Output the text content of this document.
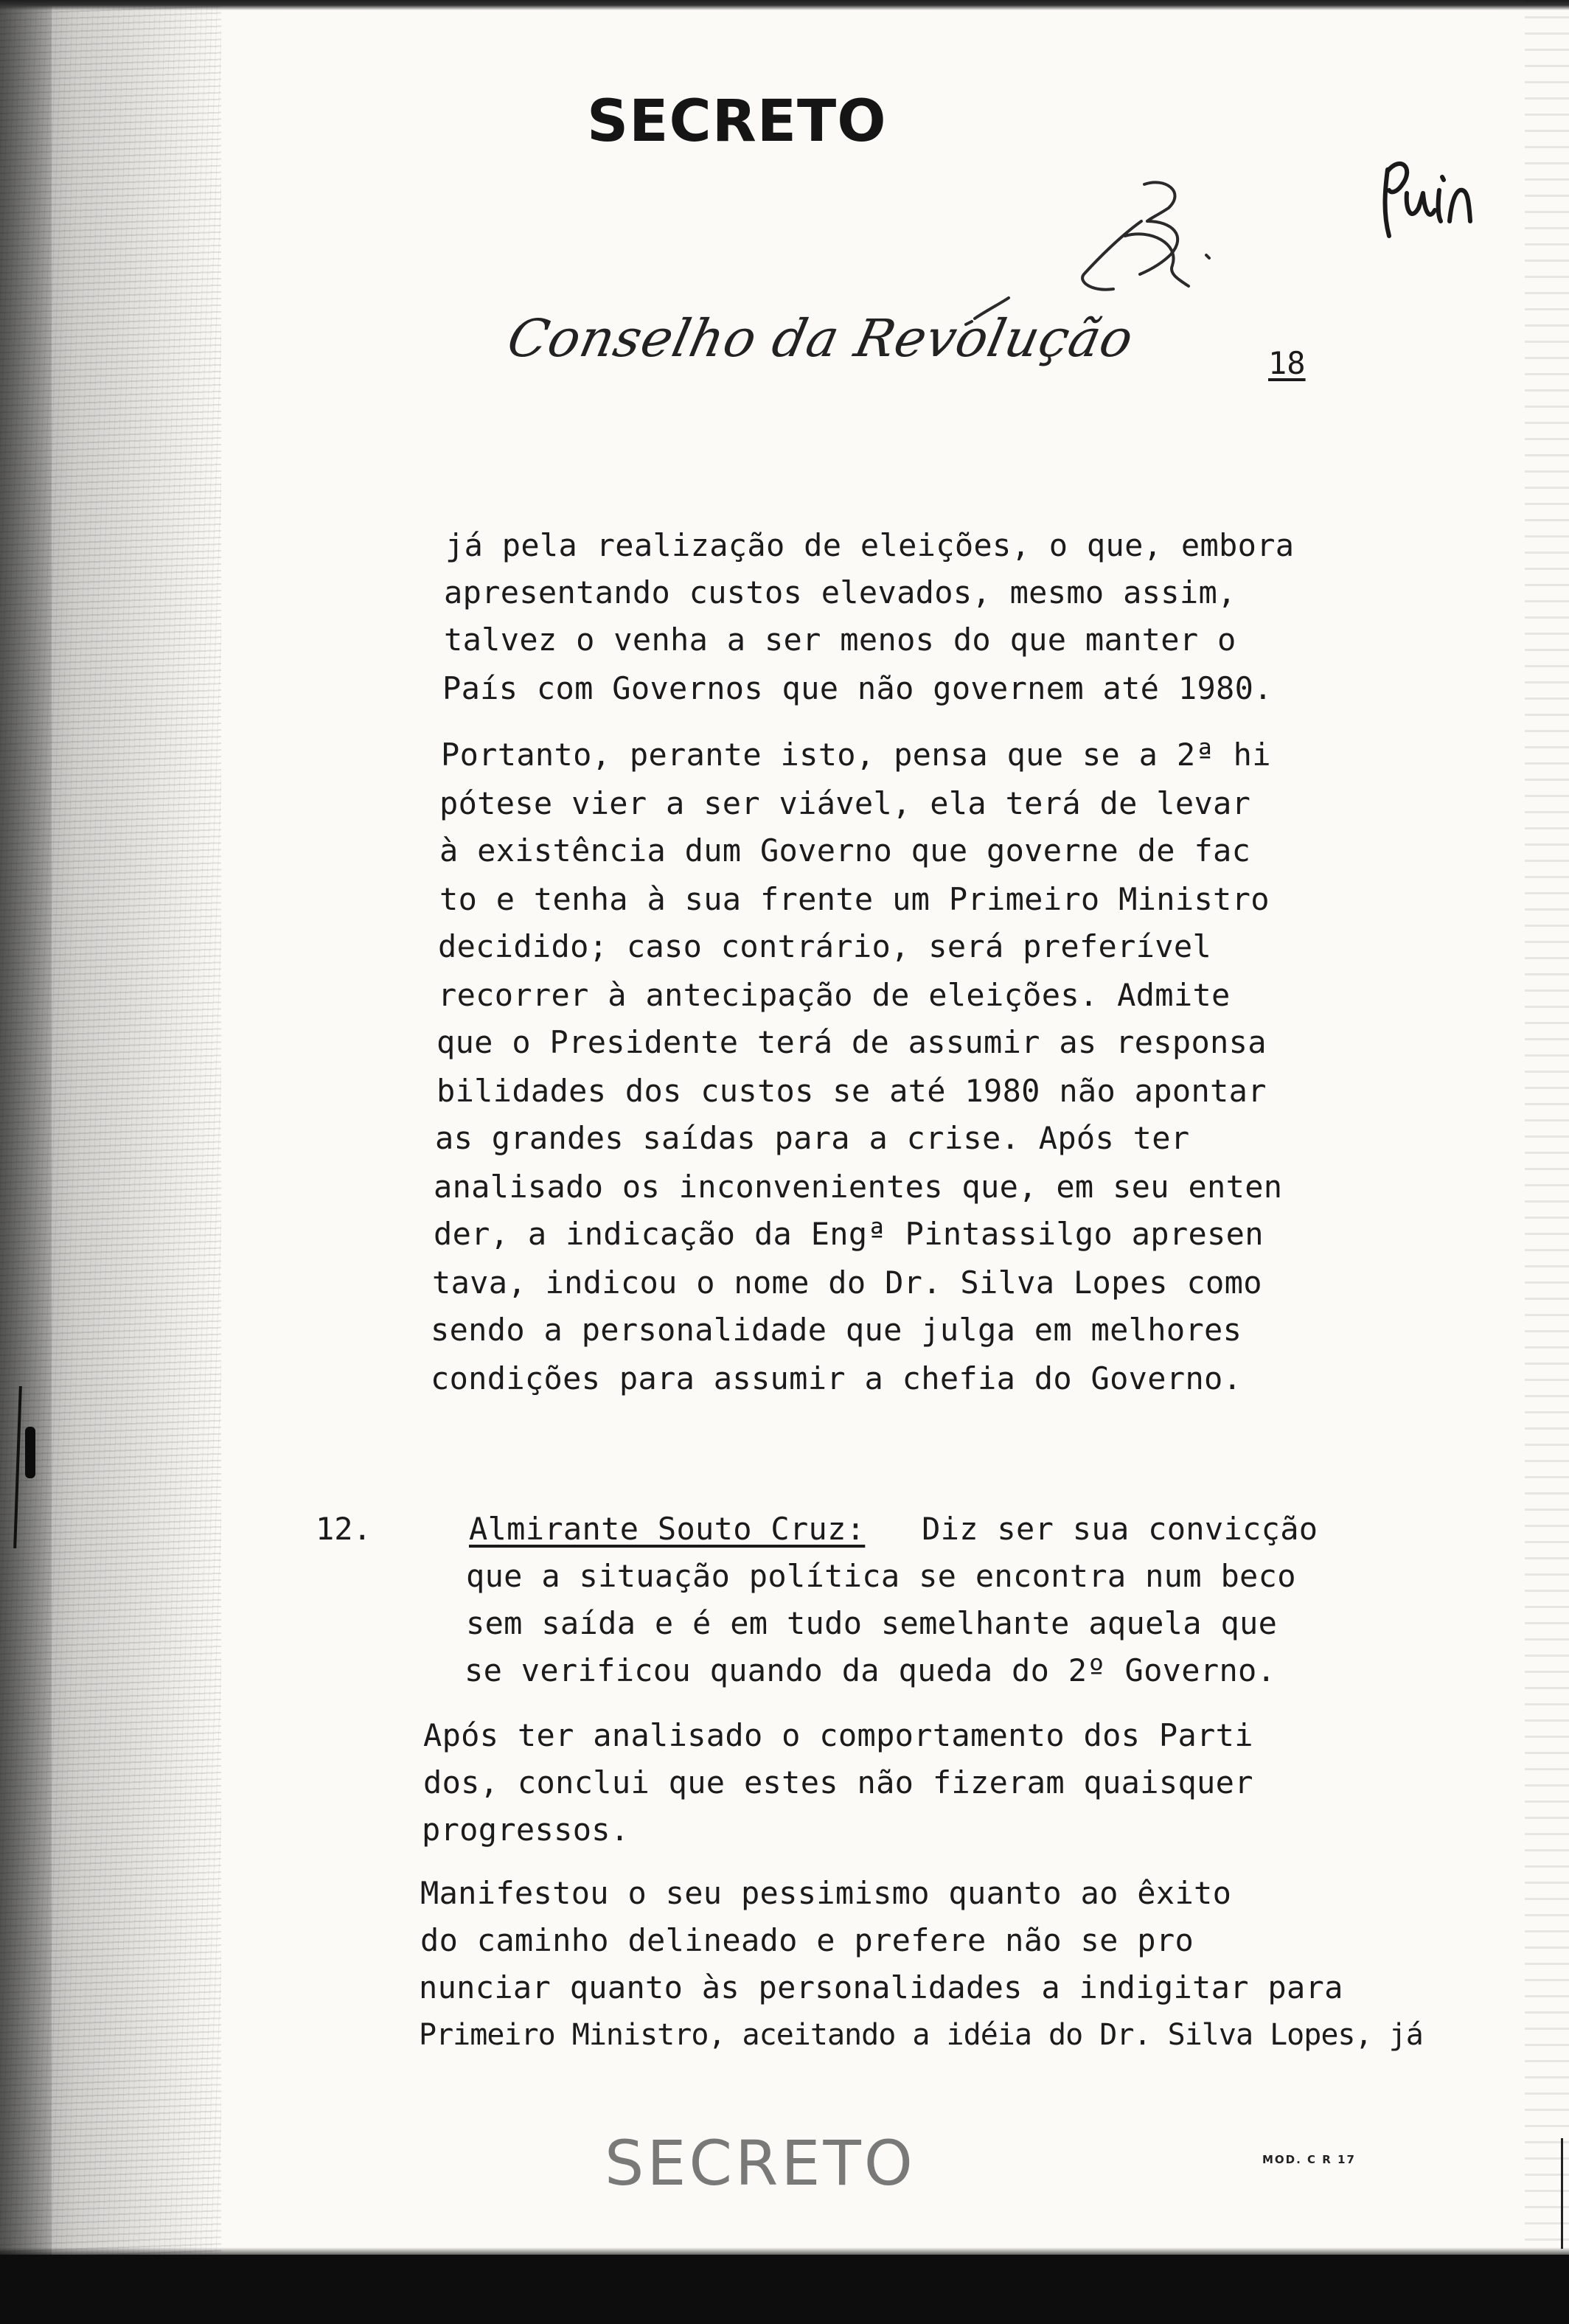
SECRETO
Conselho da Revolução	18
já pela realização de eleições, o que, embora
apresentando custos elevados, mesmo assim,
talvez o venha a ser menos do que manter o
País com Governos que não governem até 1980.
Portanto, perante isto, pensa que se a 2ª hi
pótese vier a ser viável, ela terá de levar
à existência dum Governo que governe de fac
to e tenha à sua frente um Primeiro Ministro
decidido; caso contrário, será preferível
recorrer à antecipação de eleições. Admite
que o Presidente terá de assumir as responsa
bilidades dos custos se até 1980 não apontar
as grandes saídas para a crise. Após ter
analisado os inconvenientes que, em seu enten
der, a indicação da Engª Pintassilgo apresen
tava, indicou o nome do Dr. Silva Lopes como
sendo a personalidade que julga em melhores
condições para assumir a chefia do Governo.
12.	Almirante Souto Cruz: Diz ser sua convicção
que a situação política se encontra num beco
sem saída e é em tudo semelhante aquela que
se verificou quando da queda do 2º Governo.
Após ter analisado o comportamento dos Parti
dos, conclui que estes não fizeram quaisquer
progressos.
Manifestou o seu pessimismo quanto ao êxito
do caminho delineado e prefere não se pro
nunciar quanto às personalidades a indigitar para
Primeiro Ministro, aceitando a idéia do Dr. Silva Lopes, já
SECRETO	MOD. C R 17
